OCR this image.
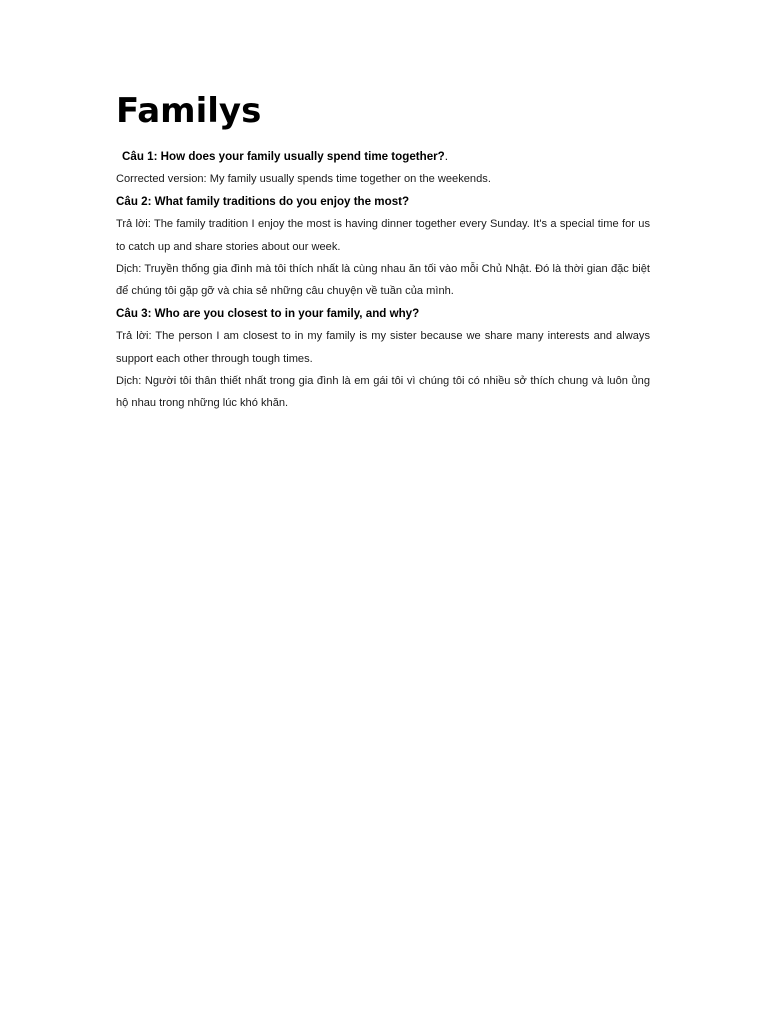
Familys

Câu 1: How does your family usually spend time together?.

Corrected version: My family usually spends time together on the weekends.

Câu 2: What family traditions do you enjoy the most?

Trả lời: The family tradition I enjoy the most is having dinner together every Sunday. It's a special time for us to catch up and share stories about our week.

Dịch: Truyền thống gia đình mà tôi thích nhất là cùng nhau ăn tối vào mỗi Chủ Nhật. Đó là thời gian đặc biệt để chúng tôi gặp gỡ và chia sẻ những câu chuyện về tuần của mình.

Câu 3: Who are you closest to in your family, and why?

Trả lời: The person I am closest to in my family is my sister because we share many interests and always support each other through tough times.

Dịch: Người tôi thân thiết nhất trong gia đình là em gái tôi vì chúng tôi có nhiều sở thích chung và luôn ủng hộ nhau trong những lúc khó khăn.
